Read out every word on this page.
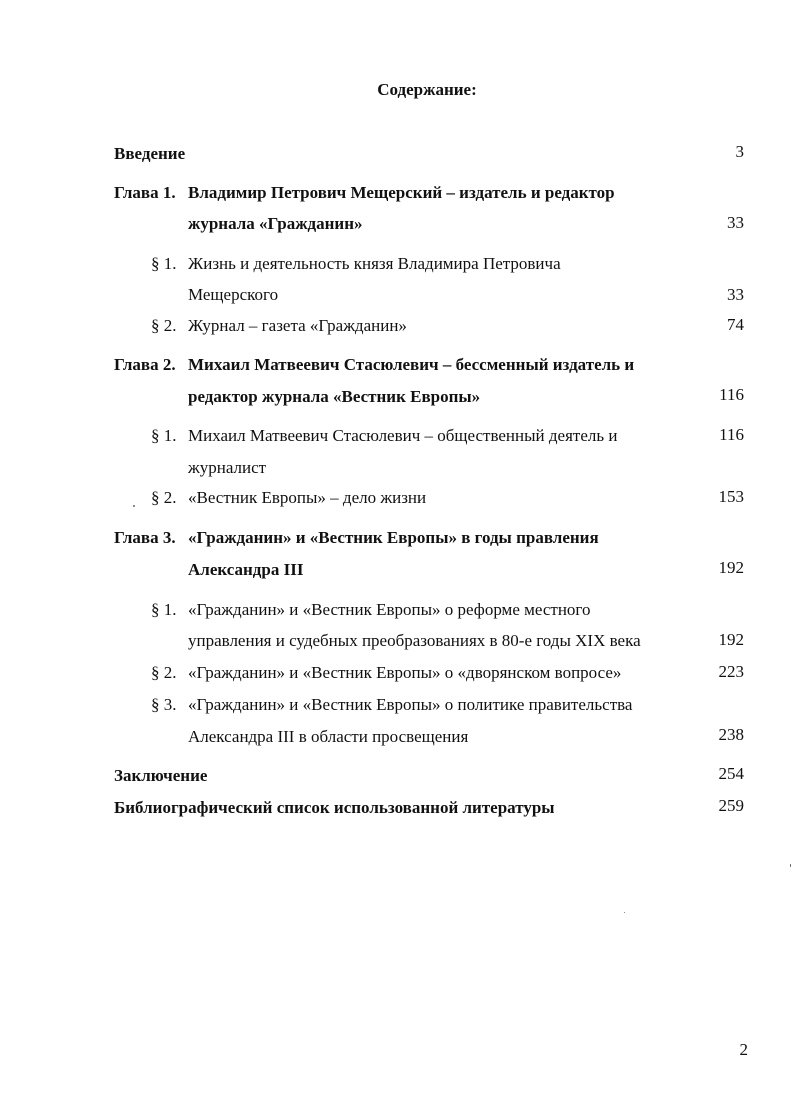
Содержание:
Введение	3
Глава 1. Владимир Петрович Мещерский – издатель и редактор
журнала «Гражданин»	33
§ 1. Жизнь и деятельность князя Владимира Петровича
Мещерского	33
§ 2. Журнал – газета «Гражданин»	74
Глава 2. Михаил Матвеевич Стасюлевич – бессменный издатель и
редактор журнала «Вестник Европы»	116
§ 1. Михаил Матвеевич Стасюлевич – общественный деятель и	116
журналист
§ 2. «Вестник Европы» – дело жизни	153
Глава 3. «Гражданин» и «Вестник Европы» в годы правления
Александра III	192
§ 1. «Гражданин» и «Вестник Европы» о реформе местного
управления и судебных преобразованиях в 80-е годы XIX века	192
§ 2. «Гражданин» и «Вестник Европы» о «дворянском вопросе»	223
§ 3. «Гражданин» и «Вестник Европы» о политике правительства
Александра III в области просвещения	238
Заключение	254
Библиографический список использованной литературы	259
2
